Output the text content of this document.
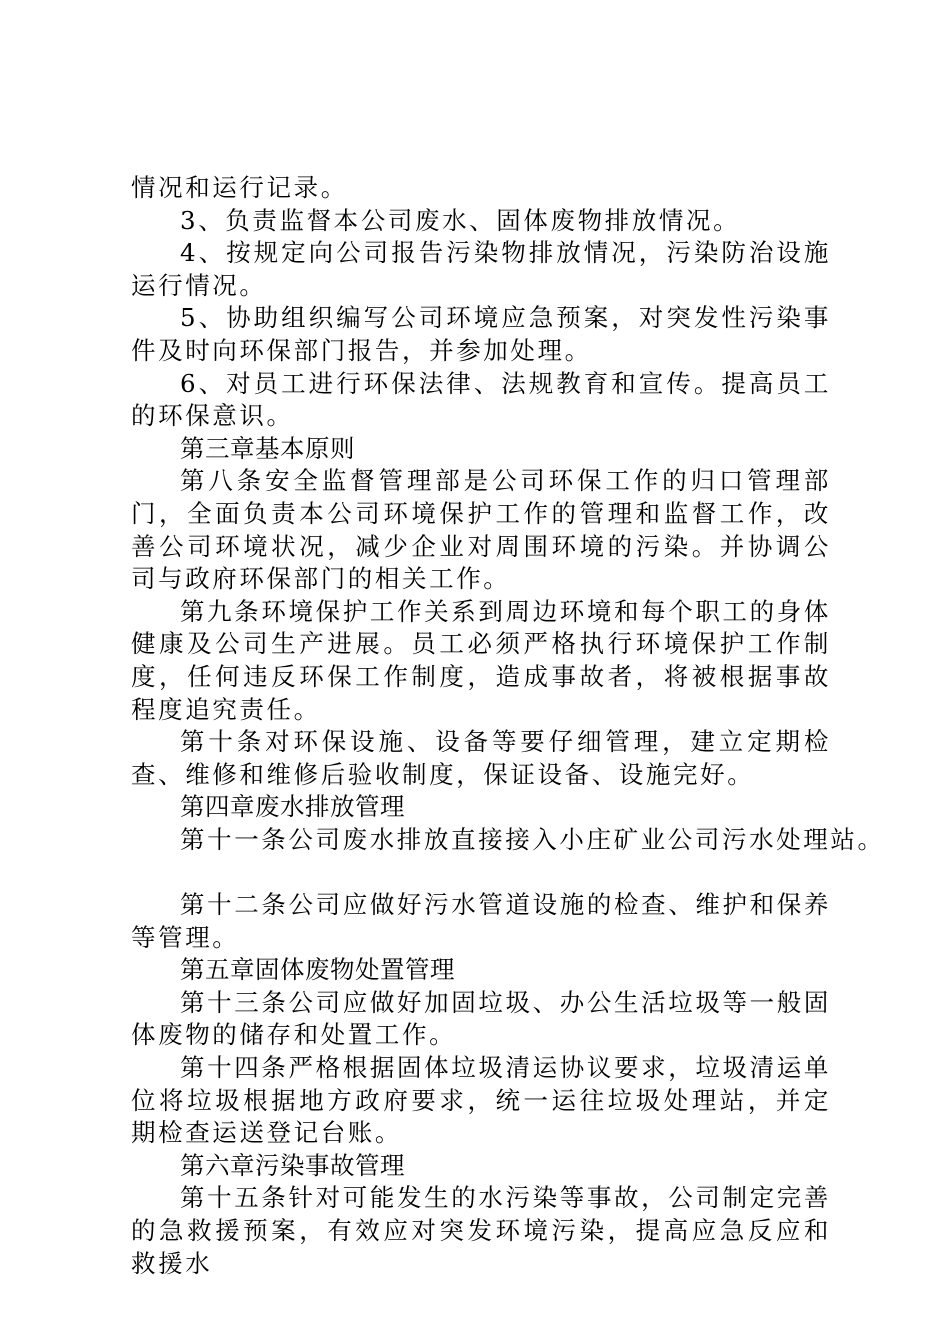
情况和运行记录。

3、负责监督本公司废水、固体废物排放情况。

4、按规定向公司报告污染物排放情况，污染防治设施运行情况。

5、协助组织编写公司环境应急预案，对突发性污染事件及时向环保部门报告，并参加处理。

6、对员工进行环保法律、法规教育和宣传。提高员工的环保意识。

第三章基本原则

第八条安全监督管理部是公司环保工作的归口管理部门，全面负责本公司环境保护工作的管理和监督工作，改善公司环境状况，减少企业对周围环境的污染。并协调公司与政府环保部门的相关工作。

第九条环境保护工作关系到周边环境和每个职工的身体健康及公司生产进展。员工必须严格执行环境保护工作制度，任何违反环保工作制度，造成事故者，将被根据事故程度追究责任。

第十条对环保设施、设备等要仔细管理，建立定期检查、维修和维修后验收制度，保证设备、设施完好。

第四章废水排放管理

第十一条公司废水排放直接接入小庄矿业公司污水处理站。

第十二条公司应做好污水管道设施的检查、维护和保养等管理。

第五章固体废物处置管理

第十三条公司应做好加固垃圾、办公生活垃圾等一般固体废物的储存和处置工作。

第十四条严格根据固体垃圾清运协议要求，垃圾清运单位将垃圾根据地方政府要求，统一运往垃圾处理站，并定期检查运送登记台账。

第六章污染事故管理

第十五条针对可能发生的水污染等事故，公司制定完善的急救援预案，有效应对突发环境污染，提高应急反应和救援水
